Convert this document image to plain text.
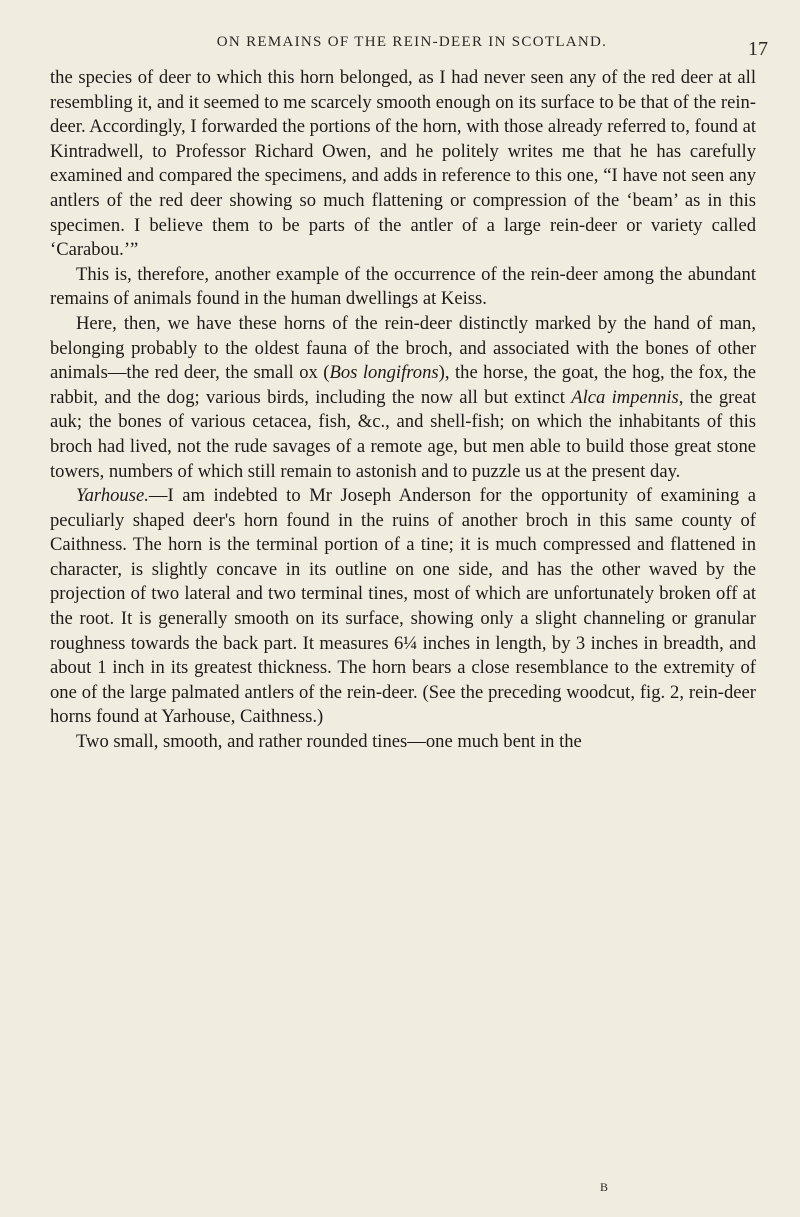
ON REMAINS OF THE REIN-DEER IN SCOTLAND.	17

the species of deer to which this horn belonged, as I had never seen any of the red deer at all resembling it, and it seemed to me scarcely smooth enough on its surface to be that of the rein-deer. Accordingly, I forwarded the portions of the horn, with those already referred to, found at Kintradwell, to Professor Richard Owen, and he politely writes me that he has carefully examined and compared the specimens, and adds in reference to this one, “I have not seen any antlers of the red deer showing so much flattening or compression of the ‘beam’ as in this specimen. I believe them to be parts of the antler of a large rein-deer or variety called ‘Carabou.’”

This is, therefore, another example of the occurrence of the rein-deer among the abundant remains of animals found in the human dwellings at Keiss.

Here, then, we have these horns of the rein-deer distinctly marked by the hand of man, belonging probably to the oldest fauna of the broch, and associated with the bones of other animals—the red deer, the small ox (Bos longifrons), the horse, the goat, the hog, the fox, the rabbit, and the dog; various birds, including the now all but extinct Alca impennis, the great auk; the bones of various cetacea, fish, &c., and shell-fish; on which the inhabitants of this broch had lived, not the rude savages of a remote age, but men able to build those great stone towers, numbers of which still remain to astonish and to puzzle us at the present day.

Yarhouse.—I am indebted to Mr Joseph Anderson for the opportunity of examining a peculiarly shaped deer's horn found in the ruins of another broch in this same county of Caithness. The horn is the terminal portion of a tine; it is much compressed and flattened in character, is slightly concave in its outline on one side, and has the other waved by the projection of two lateral and two terminal tines, most of which are unfortunately broken off at the root. It is generally smooth on its surface, showing only a slight channeling or granular roughness towards the back part. It measures 6¼ inches in length, by 3 inches in breadth, and about 1 inch in its greatest thickness. The horn bears a close resemblance to the extremity of one of the large palmated antlers of the rein-deer. (See the preceding woodcut, fig. 2, rein-deer horns found at Yarhouse, Caithness.)

Two small, smooth, and rather rounded tines—one much bent in the

B
